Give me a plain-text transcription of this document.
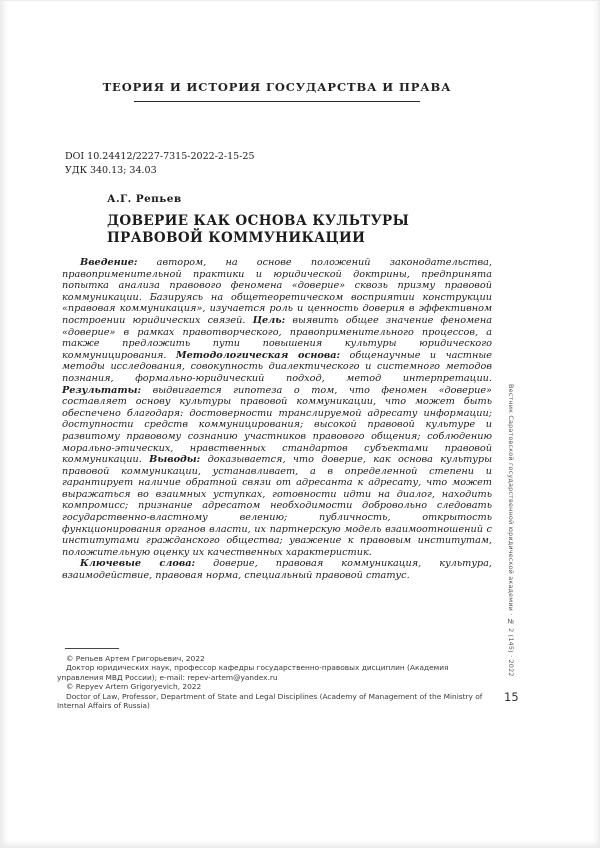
ТЕОРИЯ И ИСТОРИЯ ГОСУДАРСТВА И ПРАВА
DOI 10.24412/2227-7315-2022-2-15-25
УДК 340.13; 34.03
А.Г. Репьев
ДОВЕРИЕ КАК ОСНОВА КУЛЬТУРЫ ПРАВОВОЙ КОММУНИКАЦИИ

Введение: автором, на основе положений законодательства, правоприменительной практики и юридической доктрины, предпринята попытка анализа правового феномена «доверие» сквозь призму правовой коммуникации. Базируясь на общетеоретическом восприятии конструкции «правовая коммуникация», изучается роль и ценность доверия в эффективном построении юридических связей. Цель: выявить общее значение феномена «доверие» в рамках правотворческого, правоприменительного процессов, а также предложить пути повышения культуры юридического коммуницирования. Методологическая основа: общенаучные и частные методы исследования, совокупность диалектического и системного методов познания, формально-юридический подход, метод интерпретации. Результаты: выдвигается гипотеза о том, что феномен «доверие» составляет основу культуры правовой коммуникации, что может быть обеспечено благодаря: достоверности транслируемой адресату информации; доступности средств коммуницирования; высокой правовой культуре и развитому правовому сознанию участников правового общения; соблюдению морально-этических, нравственных стандартов субъектами правовой коммуникации. Выводы: доказывается, что доверие, как основа культуры правовой коммуникации, устанавливает, а в определенной степени и гарантирует наличие обратной связи от адресанта к адресату, что может выражаться во взаимных уступках, готовности идти на диалог, находить компромисс; признание адресатом необходимости добровольно следовать государственно-властному велению; публичность, открытость функционирования органов власти, их партнерскую модель взаимоотношений с институтами гражданского общества; уважение к правовым институтам, положительную оценку их качественных характеристик.

Ключевые слова: доверие, правовая коммуникация, культура, взаимодействие, правовая норма, специальный правовой статус.

© Репьев Артем Григорьевич, 2022

Доктор юридических наук, профессор кафедры государственно-правовых дисциплин (Академия управления МВД России); e-mail: repev-artem@yandex.ru

© Repyev Artem Grigoryevich, 2022

Doctor of Law, Professor, Department of State and Legal Disciplines (Academy of Management of the Ministry of Internal Affairs of Russia)

Вестник Саратовской государственной юридической академии · № 2 (145) · 2022
15
